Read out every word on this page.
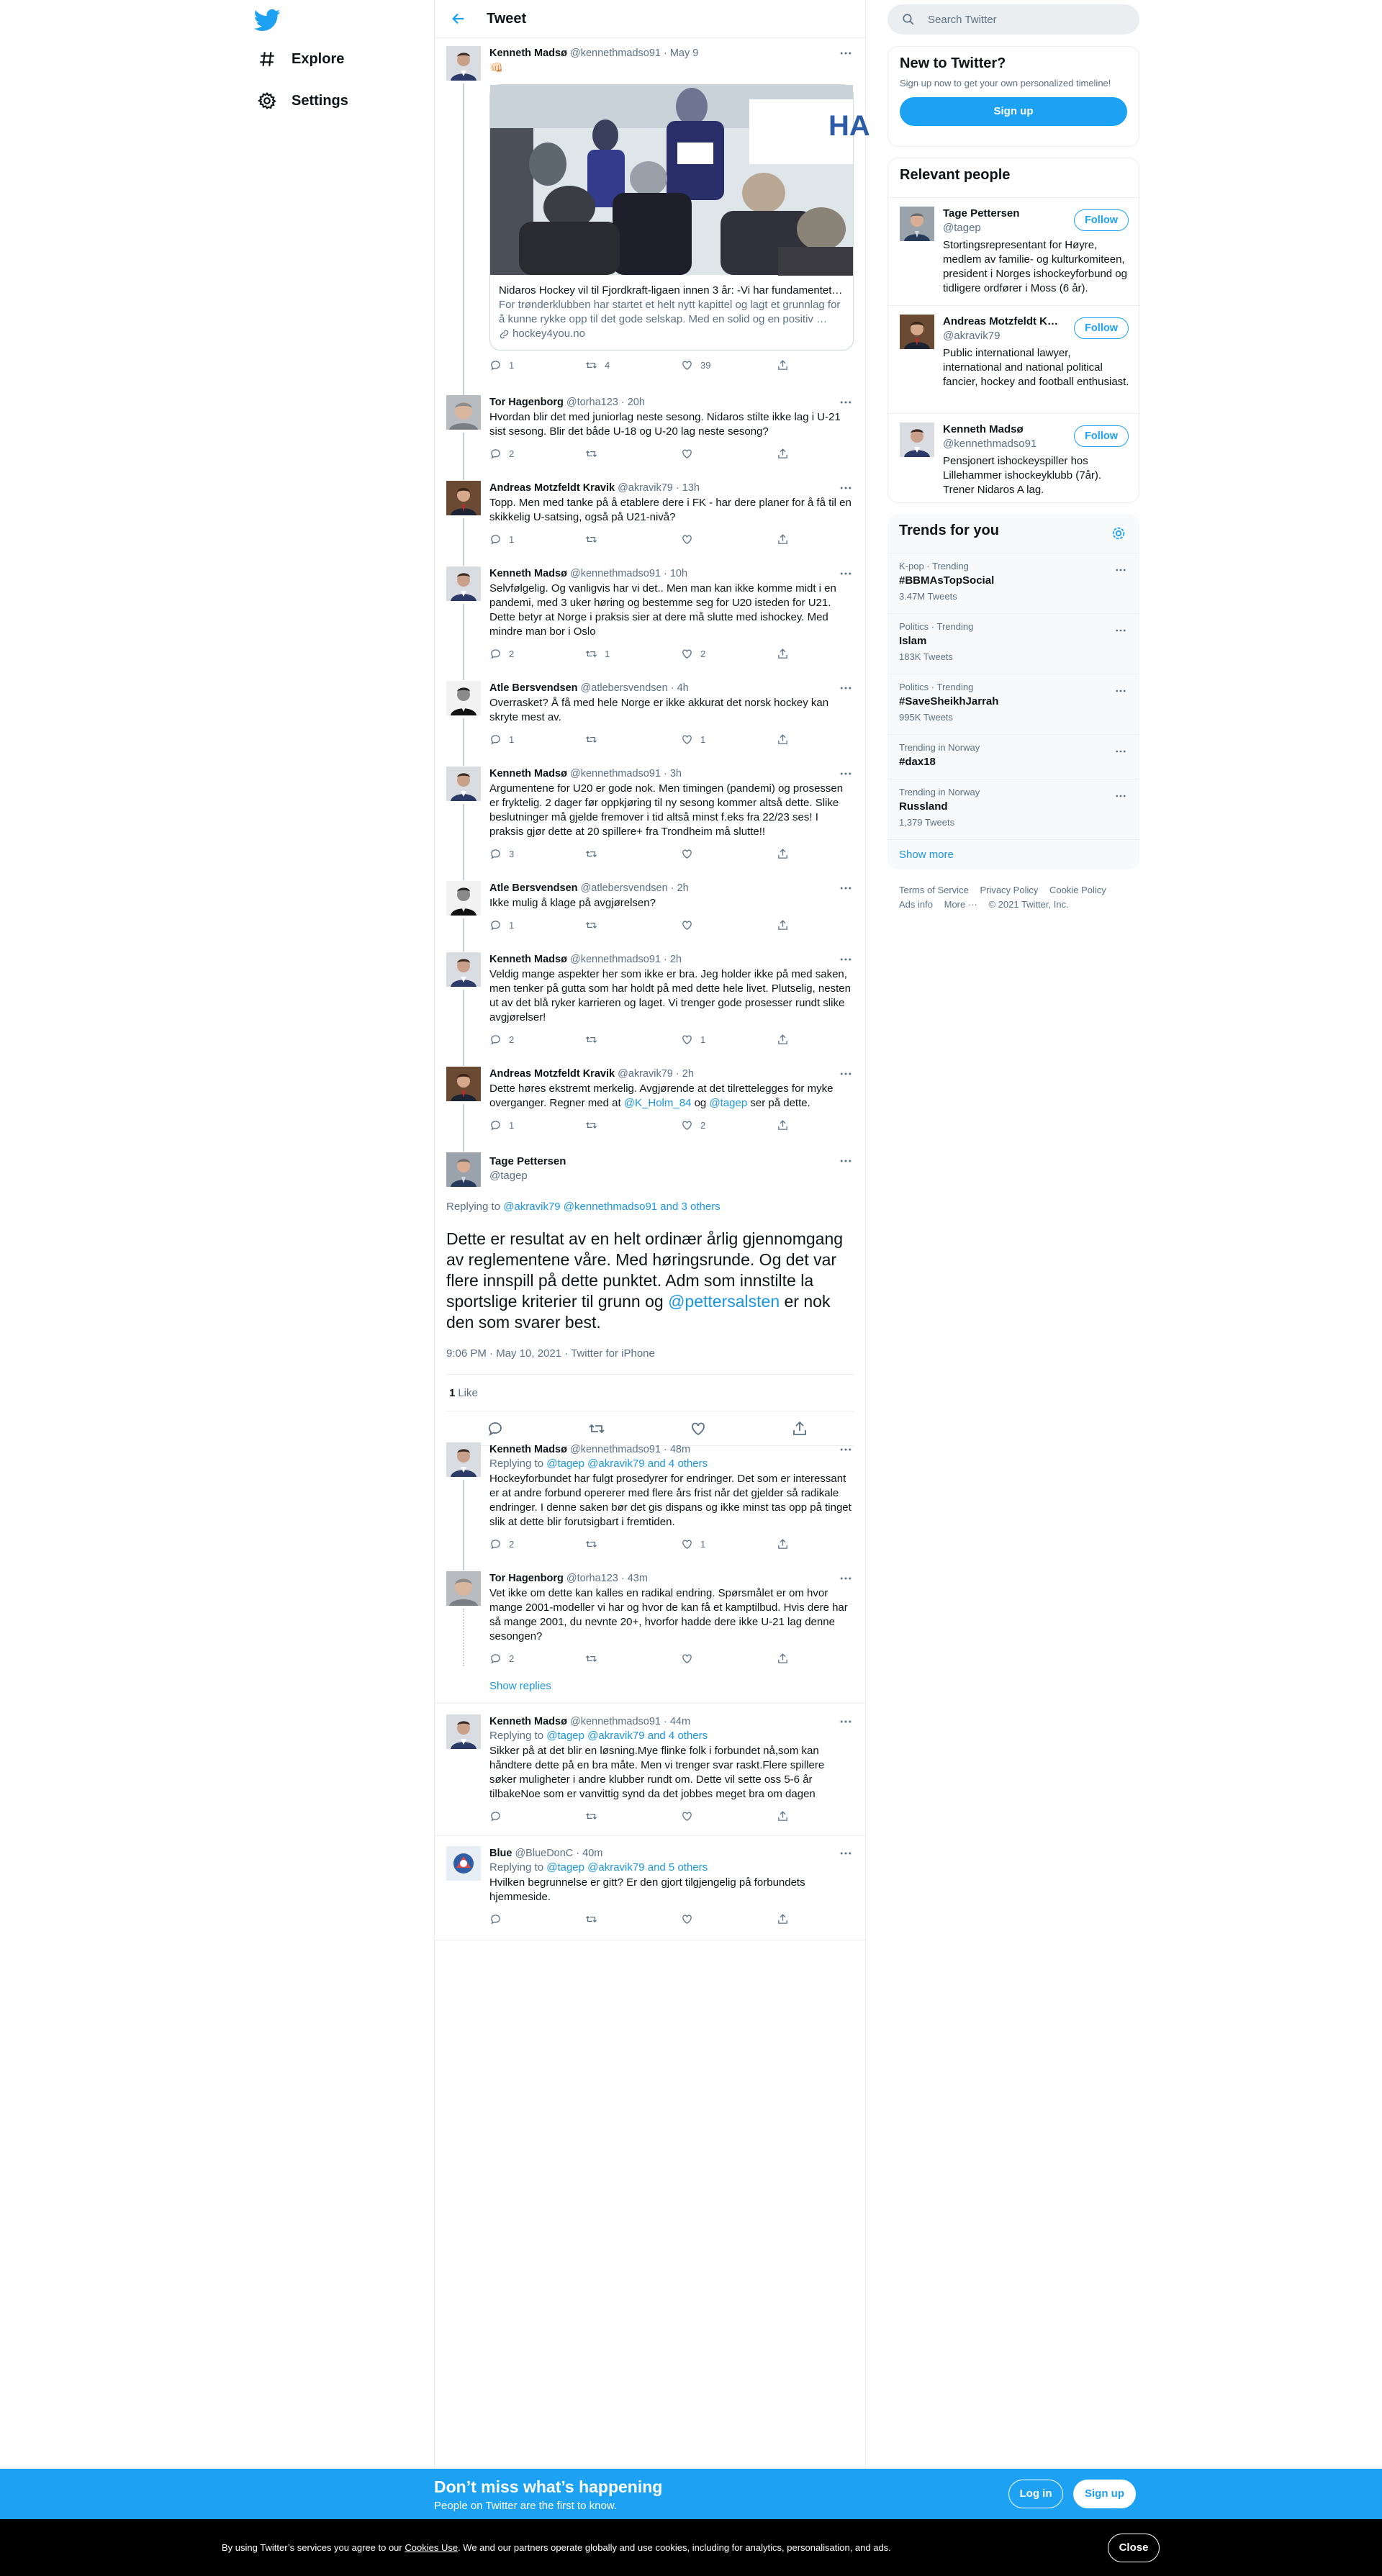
Explore
Settings
Tweet
Kenneth Madsø @kennethmadso91 · May 9
👊🏻
HA
Nidaros Hockey vil til Fjordkraft-ligaen innen 3 år: -Vi har fundamentet…
For trønderklubben har startet et helt nytt kapittel og lagt et grunnlag for å kunne rykke opp til det gode selskap. Med en solid og en positiv …
hockey4you.no
1	4	39
Tor Hagenborg @torha123 · 20h
Hvordan blir det med juniorlag neste sesong. Nidaros stilte ikke lag i U-21 sist sesong. Blir det både U-18 og U-20 lag neste sesong?
2
Andreas Motzfeldt Kravik @akravik79 · 13h
Topp. Men med tanke på å etablere dere i FK - har dere planer for å få til en skikkelig U-satsing, også på U21-nivå?
1
Kenneth Madsø @kennethmadso91 · 10h
Selvfølgelig. Og vanligvis har vi det.. Men man kan ikke komme midt i en pandemi, med 3 uker høring og bestemme seg for U20 isteden for U21. Dette betyr at Norge i praksis sier at dere må slutte med ishockey. Med mindre man bor i Oslo
2	1	2
Atle Bersvendsen @atlebersvendsen · 4h
Overrasket? Å få med hele Norge er ikke akkurat det norsk hockey kan skryte mest av.
1	1
Kenneth Madsø @kennethmadso91 · 3h
Argumentene for U20 er gode nok. Men timingen (pandemi) og prosessen er fryktelig. 2 dager før oppkjøring til ny sesong kommer altså dette. Slike beslutninger må gjelde fremover i tid altså minst f.eks fra 22/23 ses! I praksis gjør dette at 20 spillere+ fra Trondheim må slutte!!
3
Atle Bersvendsen @atlebersvendsen · 2h
Ikke mulig å klage på avgjørelsen?
1
Kenneth Madsø @kennethmadso91 · 2h
Veldig mange aspekter her som ikke er bra. Jeg holder ikke på med saken, men tenker på gutta som har holdt på med dette hele livet. Plutselig, nesten ut av det blå ryker karrieren og laget. Vi trenger gode prosesser rundt slike avgjørelser!
2	1
Andreas Motzfeldt Kravik @akravik79 · 2h
Dette høres ekstremt merkelig. Avgjørende at det tilrettelegges for myke overganger. Regner med at @K_Holm_84 og @tagep ser på dette.
1	2
Tage Pettersen
@tagep
Replying to @akravik79 @kennethmadso91 and 3 others
Dette er resultat av en helt ordinær årlig gjennomgang av reglementene våre. Med høringsrunde. Og det var flere innspill på dette punktet. Adm som innstilte la sportslige kriterier til grunn og @pettersalsten er nok den som svarer best.
9:06 PM · May 10, 2021 · Twitter for iPhone
1 Like
Kenneth Madsø @kennethmadso91 · 48m
Replying to @tagep @akravik79 and 4 others
Hockeyforbundet har fulgt prosedyrer for endringer. Det som er interessant er at andre forbund opererer med flere års frist når det gjelder så radikale endringer. I denne saken bør det gis dispans og ikke minst tas opp på tinget slik at dette blir forutsigbart i fremtiden.
2	1
Tor Hagenborg @torha123 · 43m
Vet ikke om dette kan kalles en radikal endring. Spørsmålet er om hvor mange 2001-modeller vi har og hvor de kan få et kamptilbud. Hvis dere har så mange 2001, du nevnte 20+, hvorfor hadde dere ikke U-21 lag denne sesongen?
2
Show replies
Kenneth Madsø @kennethmadso91 · 44m
Replying to @tagep @akravik79 and 4 others
Sikker på at det blir en løsning.Mye flinke folk i forbundet nå,som kan håndtere dette på en bra måte. Men vi trenger svar raskt.Flere spillere søker muligheter i andre klubber rundt om. Dette vil sette oss 5-6 år tilbakeNoe som er vanvittig synd da det jobbes meget bra om dagen
Blue @BlueDonC · 40m
Replying to @tagep @akravik79 and 5 others
Hvilken begrunnelse er gitt? Er den gjort tilgjengelig på forbundets hjemmeside.
Search Twitter
New to Twitter?
Sign up now to get your own personalized timeline!
Sign up
Relevant people
Tage Pettersen
@tagep
Follow
Stortingsrepresentant for Høyre, medlem av familie- og kulturkomiteen, president i Norges ishockeyforbund og tidligere ordfører i Moss (6 år).
Andreas Motzfeldt K…
@akravik79
Follow
Public international lawyer, international and national political fancier, hockey and football enthusiast.
Kenneth Madsø
@kennethmadso91
Follow
Pensjonert ishockeyspiller hos Lillehammer ishockeyklubb (7år). Trener Nidaros A lag.
Trends for you
K-pop · Trending
#BBMAsTopSocial
3.47M Tweets
Politics · Trending
Islam
183K Tweets
Politics · Trending
#SaveSheikhJarrah
995K Tweets
Trending in Norway
#dax18
Trending in Norway
Russland
1,379 Tweets
Show more
Terms of Service Privacy Policy Cookie Policy
Ads info More ··· © 2021 Twitter, Inc.
Don’t miss what’s happening
People on Twitter are the first to know.
Log in	Sign up
By using Twitter’s services you agree to our Cookies Use. We and our partners operate globally and use cookies, including for analytics, personalisation, and ads.	Close
